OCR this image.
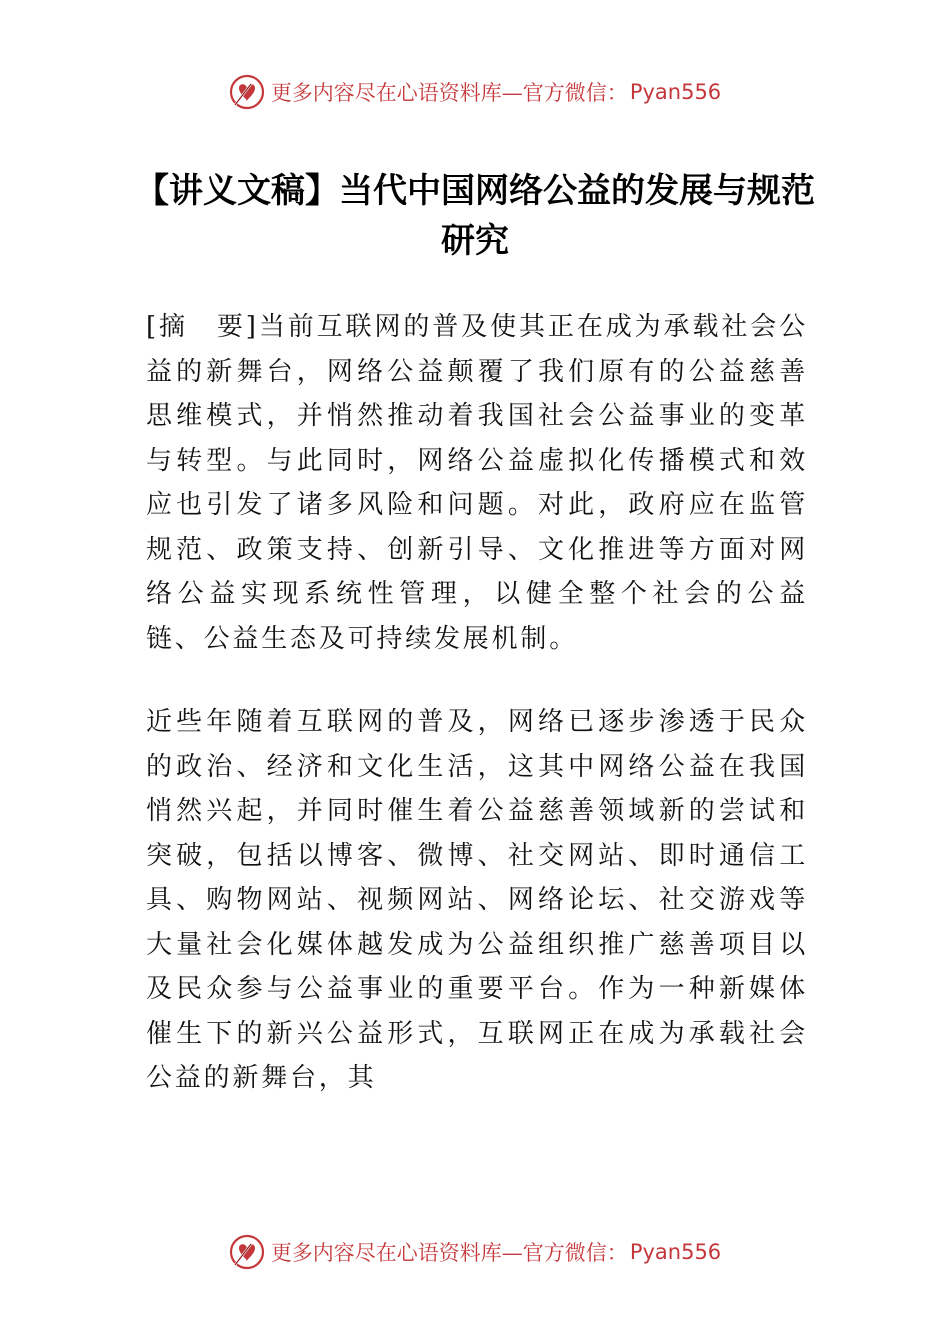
更多内容尽在心语资料库—官方微信： Pyan556
【讲义文稿】当代中国网络公益的发展与规范研究

[摘　要]当前互联网的普及使其正在成为承载社会公益的新舞台，网络公益颠覆了我们原有的公益慈善思维模式，并悄然推动着我国社会公益事业的变革与转型。与此同时，网络公益虚拟化传播模式和效应也引发了诸多风险和问题。对此，政府应在监管规范、政策支持、创新引导、文化推进等方面对网络公益实现系统性管理，以健全整个社会的公益链、公益生态及可持续发展机制。

近些年随着互联网的普及，网络已逐步渗透于民众的政治、经济和文化生活，这其中网络公益在我国悄然兴起，并同时催生着公益慈善领域新的尝试和突破，包括以博客、微博、社交网站、即时通信工具、购物网站、视频网站、网络论坛、社交游戏等大量社会化媒体越发成为公益组织推广慈善项目以及民众参与公益事业的重要平台。作为一种新媒体催生下的新兴公益形式，互联网正在成为承载社会公益的新舞台，其

更多内容尽在心语资料库—官方微信： Pyan556
